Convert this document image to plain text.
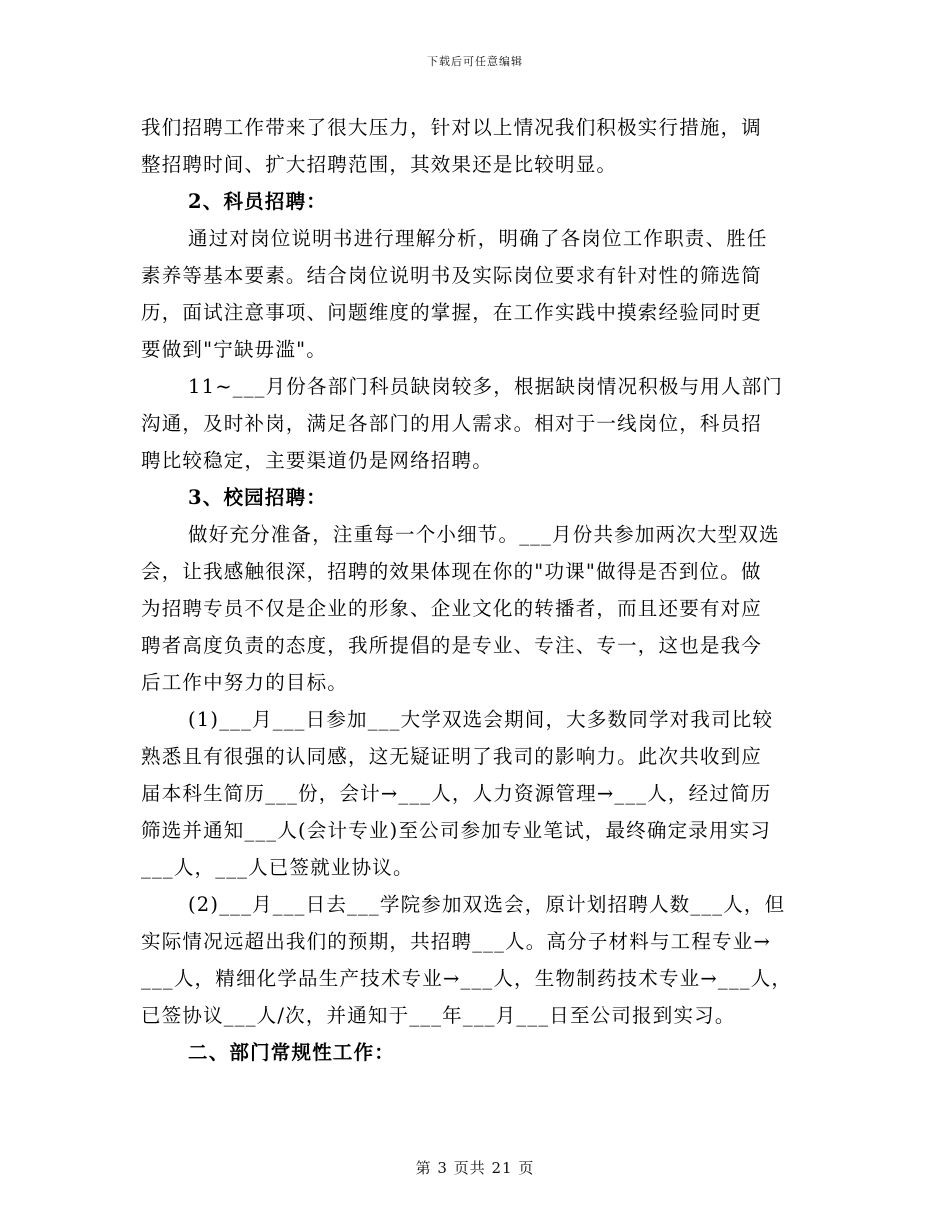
下载后可任意编辑
我们招聘工作带来了很大压力，针对以上情况我们积极实行措施，调
整招聘时间、扩大招聘范围，其效果还是比较明显。
2、科员招聘：
通过对岗位说明书进行理解分析，明确了各岗位工作职责、胜任
素养等基本要素。结合岗位说明书及实际岗位要求有针对性的筛选简
历，面试注意事项、问题维度的掌握，在工作实践中摸索经验同时更
要做到"宁缺毋滥"。
11~___月份各部门科员缺岗较多，根据缺岗情况积极与用人部门
沟通，及时补岗，满足各部门的用人需求。相对于一线岗位，科员招
聘比较稳定，主要渠道仍是网络招聘。
3、校园招聘：
做好充分准备，注重每一个小细节。___月份共参加两次大型双选
会，让我感触很深，招聘的效果体现在你的"功课"做得是否到位。做
为招聘专员不仅是企业的形象、企业文化的转播者，而且还要有对应
聘者高度负责的态度，我所提倡的是专业、专注、专一，这也是我今
后工作中努力的目标。
(1)___月___日参加___大学双选会期间，大多数同学对我司比较
熟悉且有很强的认同感，这无疑证明了我司的影响力。此次共收到应
届本科生简历___份，会计→___人，人力资源管理→___人，经过简历
筛选并通知___人(会计专业)至公司参加专业笔试，最终确定录用实习
___人，___人已签就业协议。
(2)___月___日去___学院参加双选会，原计划招聘人数___人，但
实际情况远超出我们的预期，共招聘___人。高分子材料与工程专业→
___人，精细化学品生产技术专业→___人，生物制药技术专业→___人，
已签协议___人/次，并通知于___年___月___日至公司报到实习。
二、部门常规性工作：
第 3 页共 21 页
